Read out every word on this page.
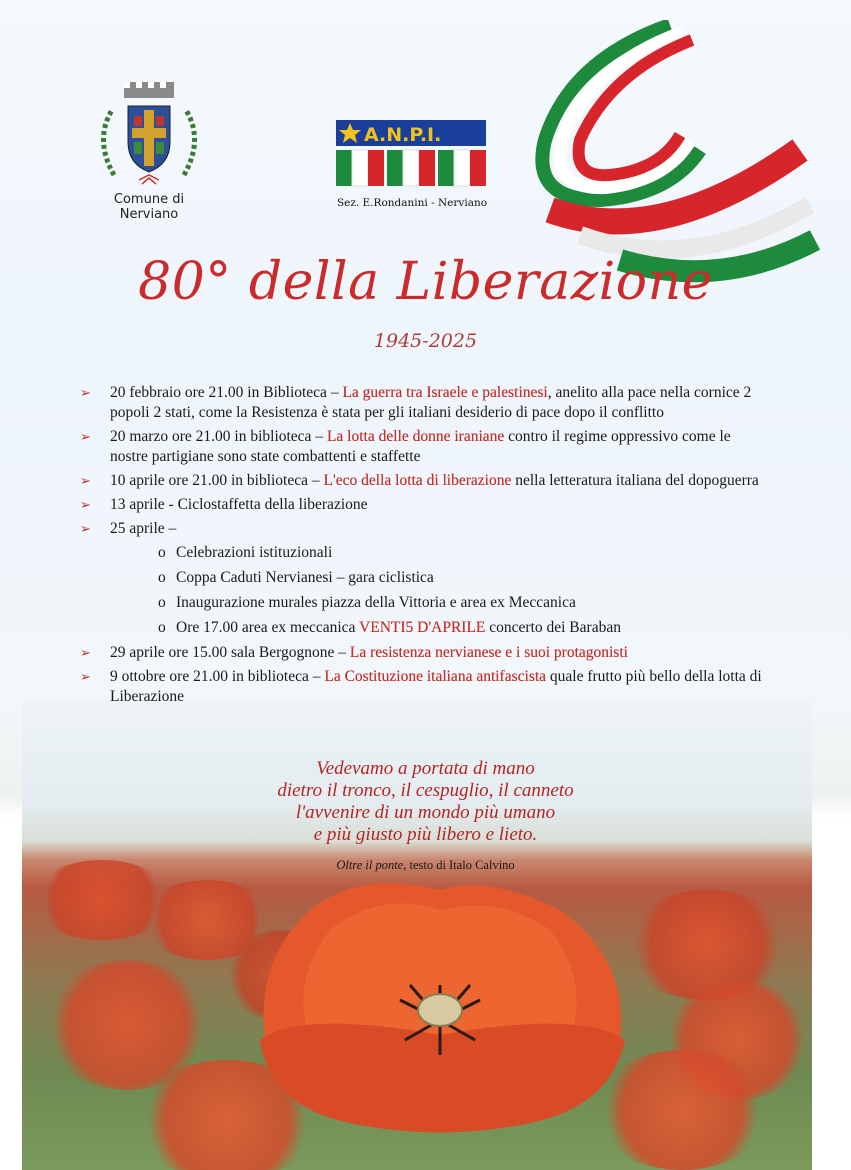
Comune di Nerviano
A.N.P.I.
Sez. E.Rondanini - Nerviano
80° della Liberazione
1945-2025
➢ 20 febbraio ore 21.00 in Biblioteca – La guerra tra Israele e palestinesi, anelito alla pace nella cornice 2 popoli 2 stati, come la Resistenza è stata per gli italiani desiderio di pace dopo il conflitto
➢ 20 marzo ore 21.00 in biblioteca – La lotta delle donne iraniane contro il regime oppressivo come le nostre partigiane sono state combattenti e staffette
➢ 10 aprile ore 21.00 in biblioteca – L'eco della lotta di liberazione nella letteratura italiana del dopoguerra
➢ 13 aprile - Ciclostaffetta della liberazione
➢ 25 aprile –
o Celebrazioni istituzionali
o Coppa Caduti Nervianesi – gara ciclistica
o Inaugurazione murales piazza della Vittoria e area ex Meccanica
o Ore 17.00 area ex meccanica VENTI5 D'APRILE concerto dei Baraban
➢ 29 aprile ore 15.00 sala Bergognone – La resistenza nervianese e i suoi protagonisti
➢ 9 ottobre ore 21.00 in biblioteca – La Costituzione italiana antifascista quale frutto più bello della lotta di Liberazione
Vedevamo a portata di mano
dietro il tronco, il cespuglio, il canneto
l'avvenire di un mondo più umano
e più giusto più libero e lieto.
Oltre il ponte, testo di Italo Calvino
